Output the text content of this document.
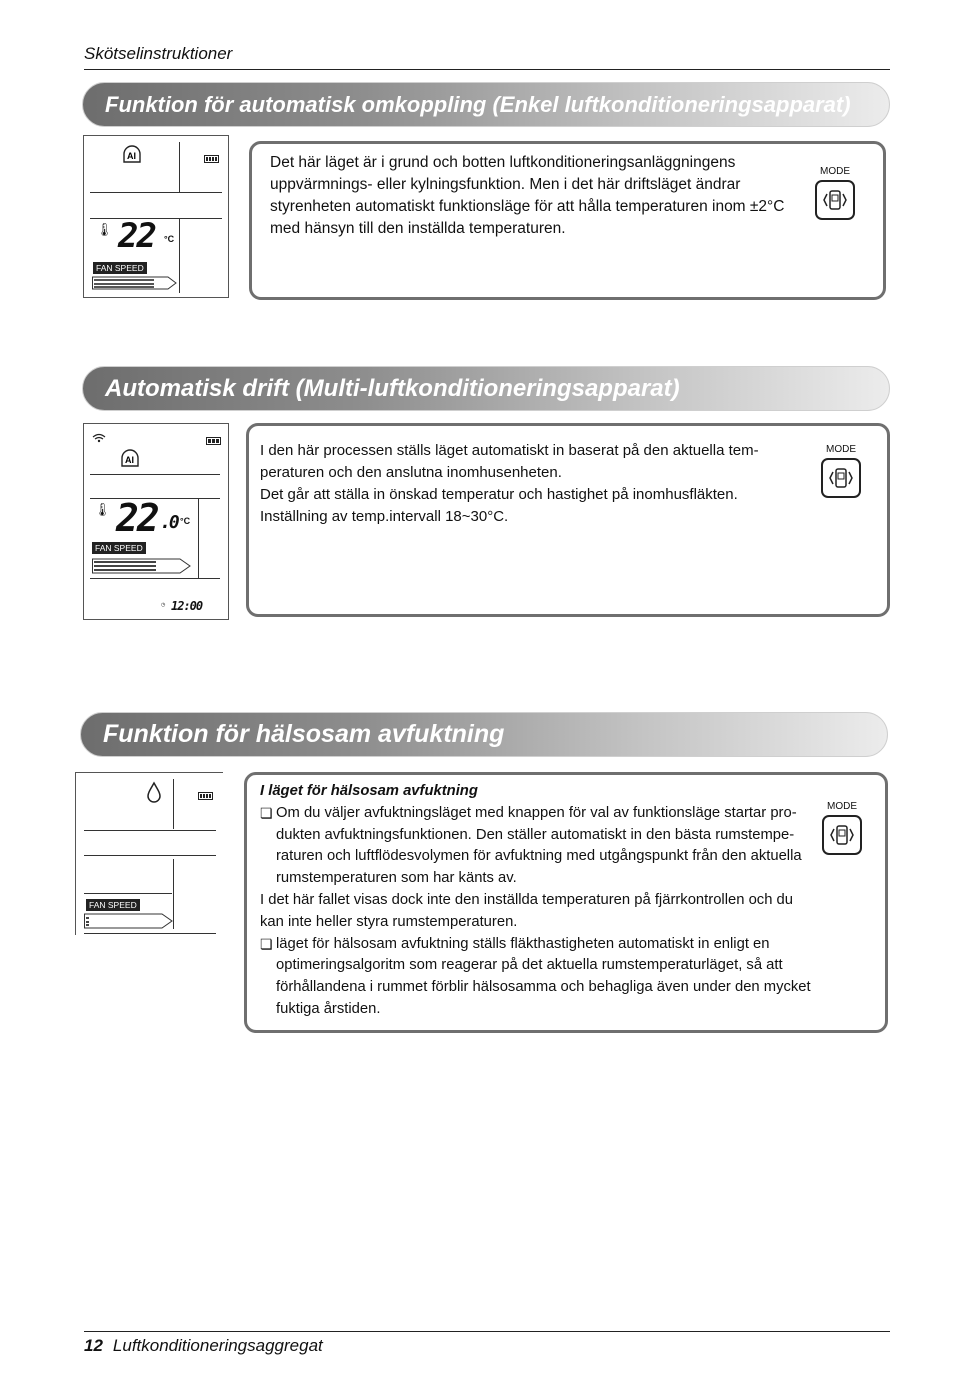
Skötselinstruktioner
Funktion för automatisk omkoppling (Enkel luftkonditioneringsapparat)
AI
🌡 22 °C
FAN SPEED
Det här läget är i grund och botten luftkonditioneringsanläggningens uppvärmnings- eller kylningsfunktion. Men i det här driftsläget ändrar styrenheten automatiskt funktionsläge för att hålla temperaturen inom ±2°C med hänsyn till den inställda temperaturen.
MODE
Automatisk drift (Multi-luftkonditioneringsapparat)
AI
🌡 22 .0 °C
FAN SPEED
◷ 12:00

I den här processen ställs läget automatiskt in baserat på den aktuella tem-

peraturen och den anslutna inomhusenheten.

Det går att ställa in önskad temperatur och hastighet på inomhusfläkten.

Inställning av temp.intervall 18~30°C.

MODE
Funktion för hälsosam avfuktning
FAN SPEED

I läget för hälsosam avfuktning

❏ Om du väljer avfuktningsläget med knappen för val av funktionsläge startar pro-dukten avfuktningsfunktionen. Den ställer automatiskt in den bästa rumstempe-raturen och luftflödesvolymen för avfuktning med utgångspunkt från den aktuella rumstemperaturen som har känts av.

I det här fallet visas dock inte den inställda temperaturen på fjärrkontrollen och du kan inte heller styra rumstemperaturen.

❏ läget för hälsosam avfuktning ställs fläkthastigheten automatiskt in enligt en optimeringsalgoritm som reagerar på det aktuella rumstemperaturläget, så att förhållandena i rummet förblir hälsosamma och behagliga även under den mycket fuktiga årstiden.

MODE
12 Luftkonditioneringsaggregat
